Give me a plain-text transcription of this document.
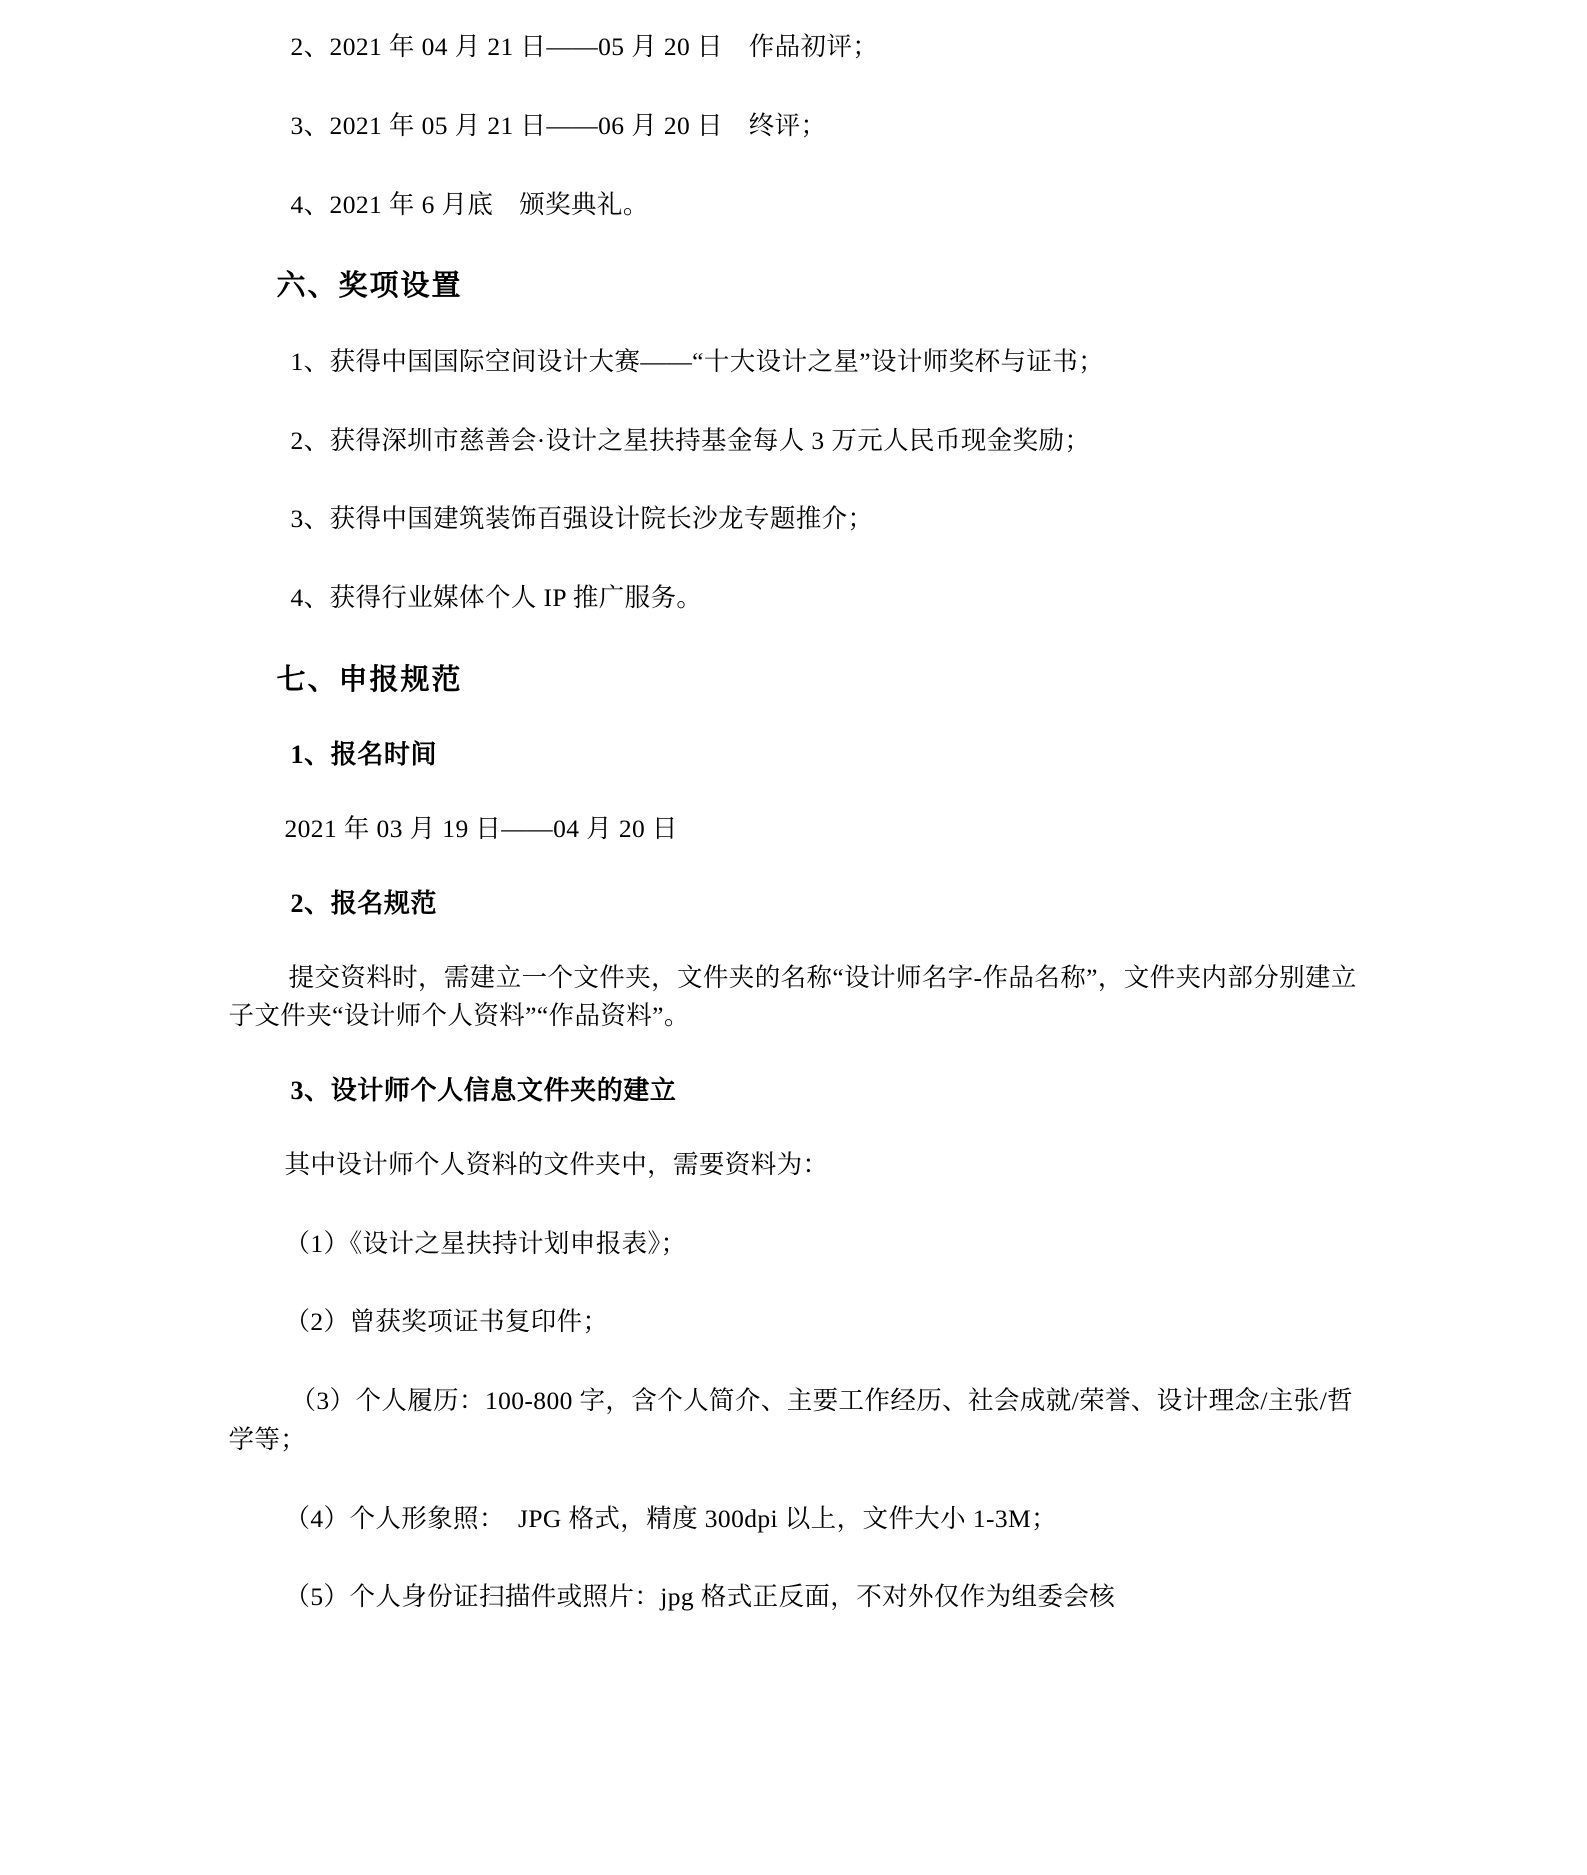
2、2021 年 04 月 21 日——05 月 20 日　作品初评；

3、2021 年 05 月 21 日——06 月 20 日　终评；

4、2021 年 6 月底　颁奖典礼。

六、奖项设置

1、获得中国国际空间设计大赛——“十大设计之星”设计师奖杯与证书；

2、获得深圳市慈善会·设计之星扶持基金每人 3 万元人民币现金奖励；

3、获得中国建筑装饰百强设计院长沙龙专题推介；

4、获得行业媒体个人 IP 推广服务。

七、申报规范
1、报名时间

2021 年 03 月 19 日——04 月 20 日

2、报名规范

提交资料时，需建立一个文件夹，文件夹的名称“设计师名字-作品名称”，文件夹内部分别建立子文件夹“设计师个人资料”“作品资料”。

3、设计师个人信息文件夹的建立

其中设计师个人资料的文件夹中，需要资料为：

（1）《设计之星扶持计划申报表》；

（2）曾获奖项证书复印件；

（3）个人履历：100-800 字，含个人简介、主要工作经历、社会成就/荣誉、设计理念/主张/哲学等；

（4）个人形象照：　JPG 格式，精度 300dpi 以上，文件大小 1-3M；

（5）个人身份证扫描件或照片：jpg 格式正反面，不对外仅作为组委会核
